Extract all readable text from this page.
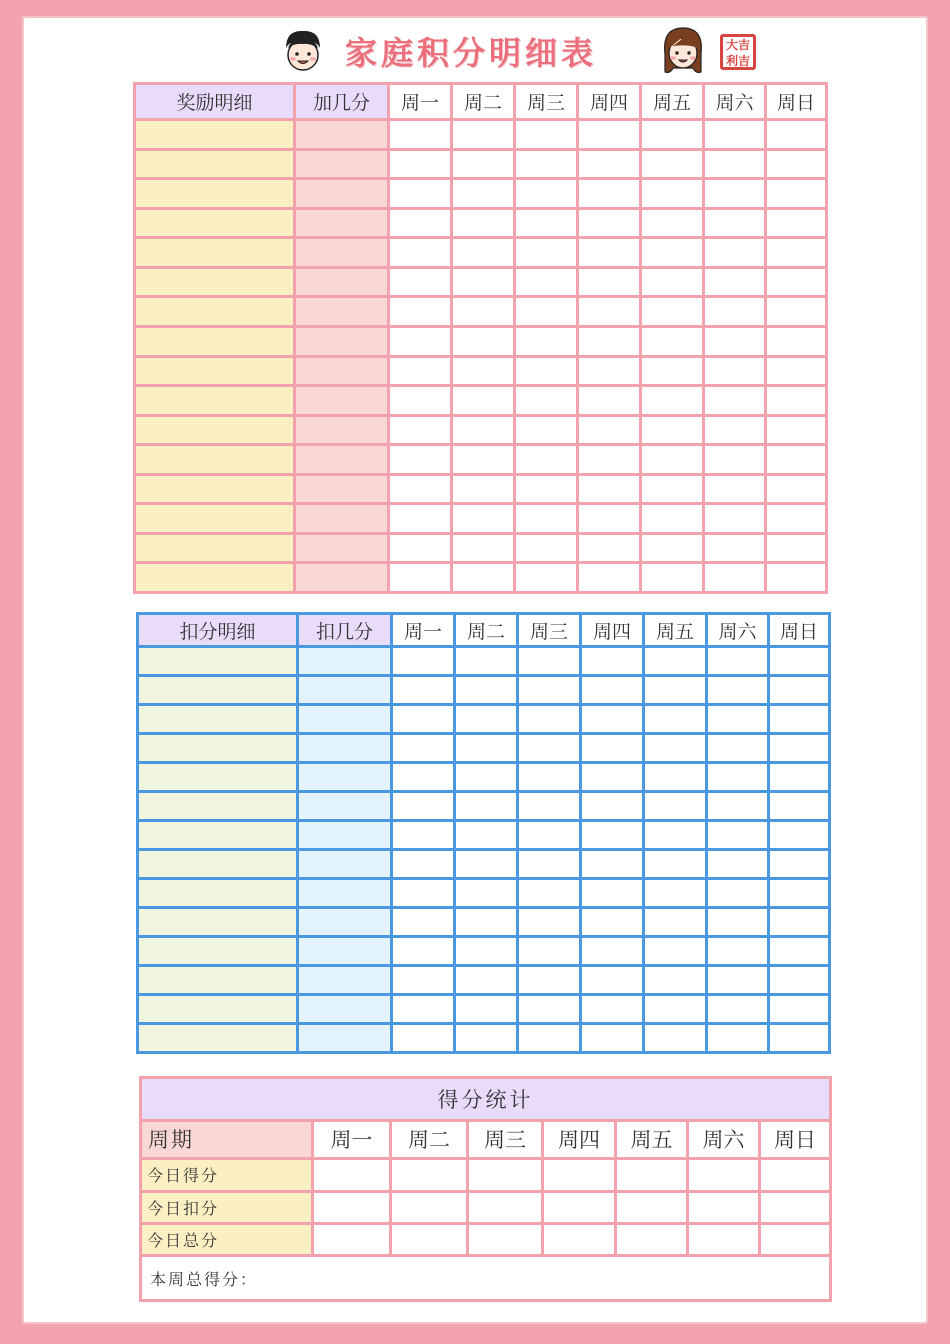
家庭积分明细表	大吉利吉
奖励明细	加几分	周一	周二	周三	周四	周五	周六	周日

扣分明细	扣几分	周一	周二	周三	周四	周五	周六	周日

得分统计							
周期	周一	周二	周三	周四	周五	周六	周日
今日得分							
今日扣分							
今日总分							
本周总得分：							
